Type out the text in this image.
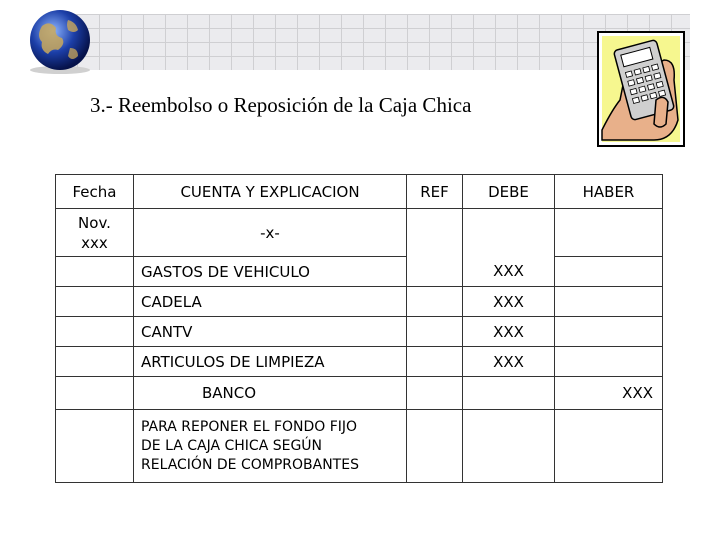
3.- Reembolso o Reposición de la Caja Chica
Fecha	CUENTA Y EXPLICACION	REF	DEBE	HABER

Nov.
xxx	-x-			
	GASTOS DE VEHICULO		XXX	
	CADELA		XXX	
	CANTV		XXX	
	ARTICULOS DE LIMPIEZA		XXX	
	BANCO			XXX

	PARA REPONER EL FONDO FIJO
DE LA CAJA CHICA SEGÚN
RELACIÓN DE COMPROBANTES			
